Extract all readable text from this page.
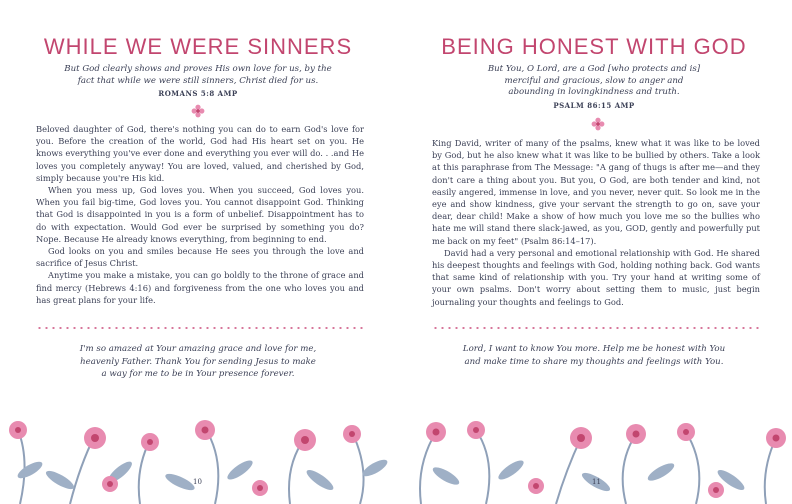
WHILE WE WERE SINNERS
But God clearly shows and proves His own love for us, by the
fact that while we were still sinners, Christ died for us.
ROMANS 5:8 AMP

Beloved daughter of God, there's nothing you can do to earn God's love for you. Before the creation of the world, God had His heart set on you. He knows everything you've ever done and everything you ever will do. . .and He loves you completely anyway! You are loved, valued, and cherished by God, simply because you're His kid.

When you mess up, God loves you. When you succeed, God loves you. When you fail big-time, God loves you. You cannot disappoint God. Thinking that God is disappointed in you is a form of unbelief. Disappointment has to do with expectation. Would God ever be surprised by something you do? Nope. Because He already knows everything, from beginning to end.

God looks on you and smiles because He sees you through the love and sacrifice of Jesus Christ.

Anytime you make a mistake, you can go boldly to the throne of grace and find mercy (Hebrews 4:16) and forgiveness from the one who loves you and has great plans for your life.

I'm so amazed at Your amazing grace and love for me,
heavenly Father. Thank You for sending Jesus to make
a way for me to be in Your presence forever.
10
BEING HONEST WITH GOD
But You, O Lord, are a God [who protects and is]
merciful and gracious, slow to anger and
abounding in lovingkindness and truth.
PSALM 86:15 AMP

King David, writer of many of the psalms, knew what it was like to be loved by God, but he also knew what it was like to be bullied by others. Take a look at this paraphrase from The Message: "A gang of thugs is after me—and they don't care a thing about you. But you, O God, are both tender and kind, not easily angered, immense in love, and you never, never quit. So look me in the eye and show kindness, give your servant the strength to go on, save your dear, dear child! Make a show of how much you love me so the bullies who hate me will stand there slack-jawed, as you, GOD, gently and powerfully put me back on my feet" (Psalm 86:14–17).

David had a very personal and emotional relationship with God. He shared his deepest thoughts and feelings with God, holding nothing back. God wants that same kind of relationship with you. Try your hand at writing some of your own psalms. Don't worry about setting them to music, just begin journaling your thoughts and feelings to God.

Lord, I want to know You more. Help me be honest with You
and make time to share my thoughts and feelings with You.
11
